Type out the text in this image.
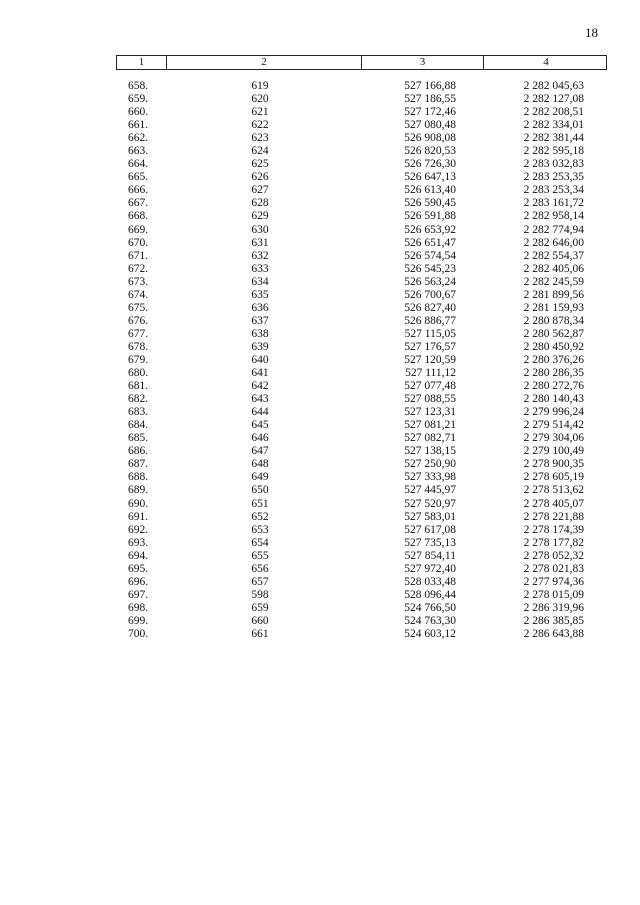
18
1	2	3	4
658.	619	527 166,88	2 282 045,63
659.	620	527 186,55	2 282 127,08
660.	621	527 172,46	2 282 208,51
661.	622	527 080,48	2 282 334,01
662.	623	526 908,08	2 282 381,44
663.	624	526 820,53	2 282 595,18
664.	625	526 726,30	2 283 032,83
665.	626	526 647,13	2 283 253,35
666.	627	526 613,40	2 283 253,34
667.	628	526 590,45	2 283 161,72
668.	629	526 591,88	2 282 958,14
669.	630	526 653,92	2 282 774,94
670.	631	526 651,47	2 282 646,00
671.	632	526 574,54	2 282 554,37
672.	633	526 545,23	2 282 405,06
673.	634	526 563,24	2 282 245,59
674.	635	526 700,67	2 281 899,56
675.	636	526 827,40	2 281 159,93
676.	637	526 886,77	2 280 878,34
677.	638	527 115,05	2 280 562,87
678.	639	527 176,57	2 280 450,92
679.	640	527 120,59	2 280 376,26
680.	641	527 111,12	2 280 286,35
681.	642	527 077,48	2 280 272,76
682.	643	527 088,55	2 280 140,43
683.	644	527 123,31	2 279 996,24
684.	645	527 081,21	2 279 514,42
685.	646	527 082,71	2 279 304,06
686.	647	527 138,15	2 279 100,49
687.	648	527 250,90	2 278 900,35
688.	649	527 333,98	2 278 605,19
689.	650	527 445,97	2 278 513,62
690.	651	527 520,97	2 278 405,07
691.	652	527 583,01	2 278 221,88
692.	653	527 617,08	2 278 174,39
693.	654	527 735,13	2 278 177,82
694.	655	527 854,11	2 278 052,32
695.	656	527 972,40	2 278 021,83
696.	657	528 033,48	2 277 974,36
697.	598	528 096,44	2 278 015,09
698.	659	524 766,50	2 286 319,96
699.	660	524 763,30	2 286 385,85
700.	661	524 603,12	2 286 643,88
